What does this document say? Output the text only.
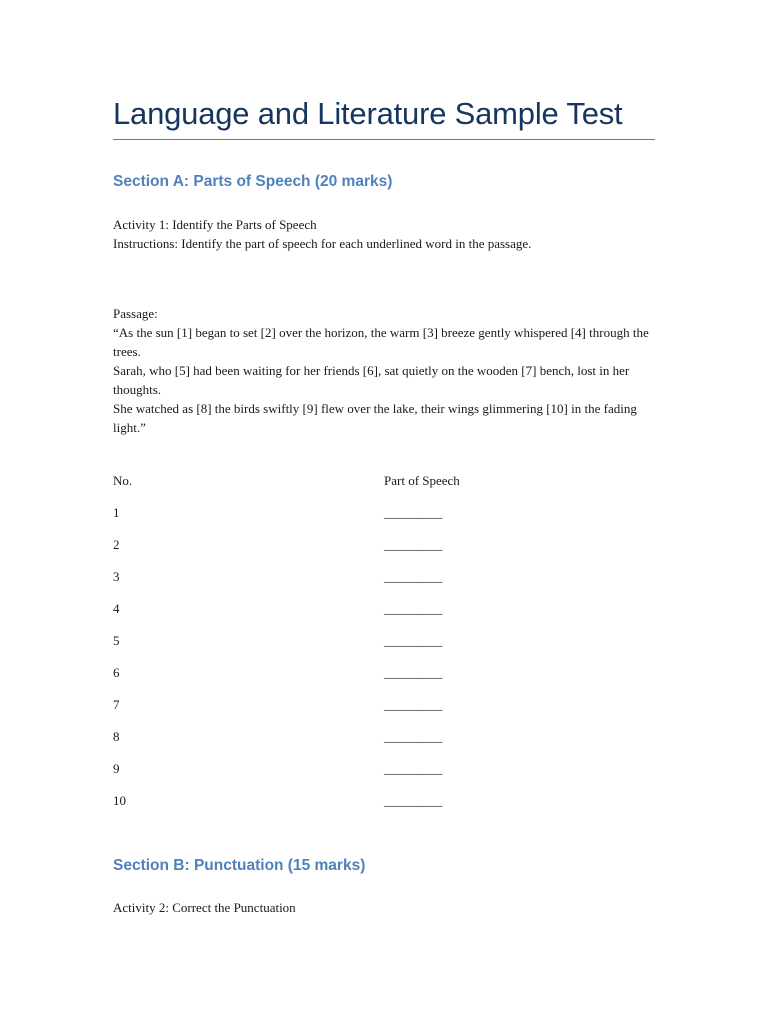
Language and Literature Sample Test
Section A: Parts of Speech (20 marks)
Activity 1: Identify the Parts of Speech
Instructions: Identify the part of speech for each underlined word in the passage.
Passage:
“As the sun [1] began to set [2] over the horizon, the warm [3] breeze gently whispered [4] through the trees.
Sarah, who [5] had been waiting for her friends [6], sat quietly on the wooden [7] bench, lost in her thoughts.
She watched as [8] the birds swiftly [9] flew over the lake, their wings glimmering [10] in the fading light.”
No.	Part of Speech
1	_________
2	_________
3	_________
4	_________
5	_________
6	_________
7	_________
8	_________
9	_________
10	_________
Section B: Punctuation (15 marks)
Activity 2: Correct the Punctuation
